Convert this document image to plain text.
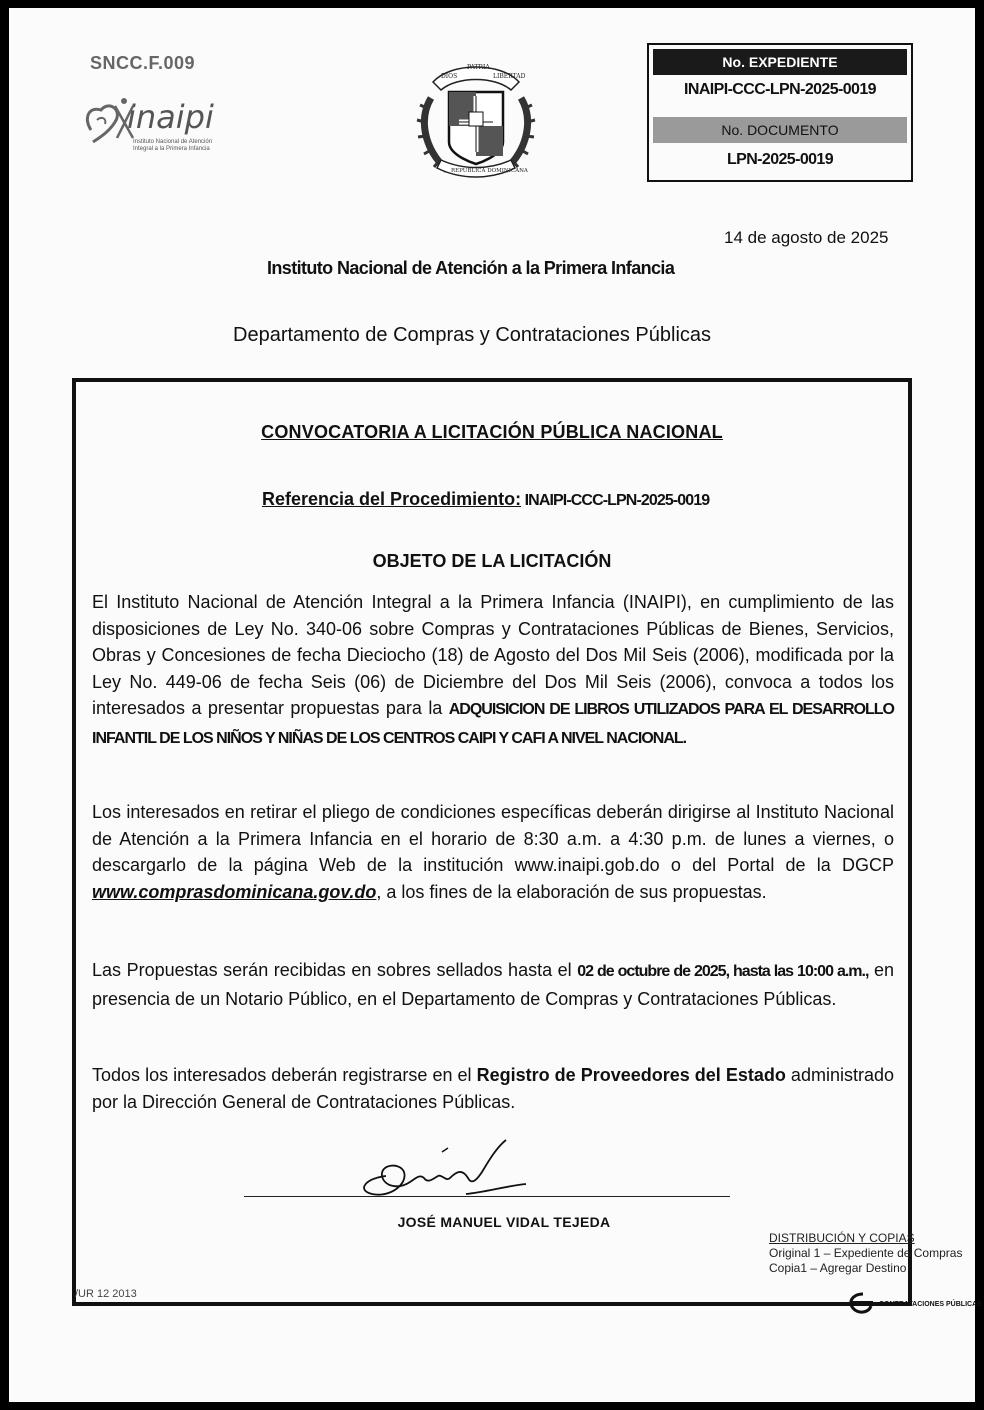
SNCC.F.009
inaipi
Instituto Nacional de Atención Integral a la Primera Infancia
DIOS
PATRIA
LIBERTAD
REPUBLICA DOMINICANA
No. EXPEDIENTE
INAIPI-CCC-LPN-2025-0019
No. DOCUMENTO
LPN-2025-0019
14 de agosto de 2025
Instituto Nacional de Atención a la Primera Infancia
Departamento de Compras y Contrataciones Públicas
CONVOCATORIA A LICITACIÓN PÚBLICA NACIONAL
Referencia del Procedimiento: INAIPI-CCC-LPN-2025-0019
OBJETO DE LA LICITACIÓN
El Instituto Nacional de Atención Integral a la Primera Infancia (INAIPI), en cumplimiento de las disposiciones de Ley No. 340-06 sobre Compras y Contrataciones Públicas de Bienes, Servicios, Obras y Concesiones de fecha Dieciocho (18) de Agosto del Dos Mil Seis (2006), modificada por la Ley No. 449-06 de fecha Seis (06) de Diciembre del Dos Mil Seis (2006), convoca a todos los interesados a presentar propuestas para la ADQUISICION DE LIBROS UTILIZADOS PARA EL DESARROLLO INFANTIL DE LOS NIÑOS Y NIÑAS DE LOS CENTROS CAIPI Y CAFI A NIVEL NACIONAL.
Los interesados en retirar el pliego de condiciones específicas deberán dirigirse al Instituto Nacional de Atención a la Primera Infancia en el horario de 8:30 a.m. a 4:30 p.m. de lunes a viernes, o descargarlo de la página Web de la institución www.inaipi.gob.do o del Portal de la DGCP www.comprasdominicana.gov.do, a los fines de la elaboración de sus propuestas.
Las Propuestas serán recibidas en sobres sellados hasta el 02 de octubre de 2025, hasta las 10:00 a.m., en presencia de un Notario Público, en el Departamento de Compras y Contrataciones Públicas.
Todos los interesados deberán registrarse en el Registro de Proveedores del Estado administrado por la Dirección General de Contrataciones Públicas.
JOSÉ MANUEL VIDAL TEJEDA
DISTRIBUCIÓN Y COPIAS
Original 1 – Expediente de Compras
Copia1 – Agregar Destino
/UR 12 2013
CONTRATACIONES PÚBLICAS
